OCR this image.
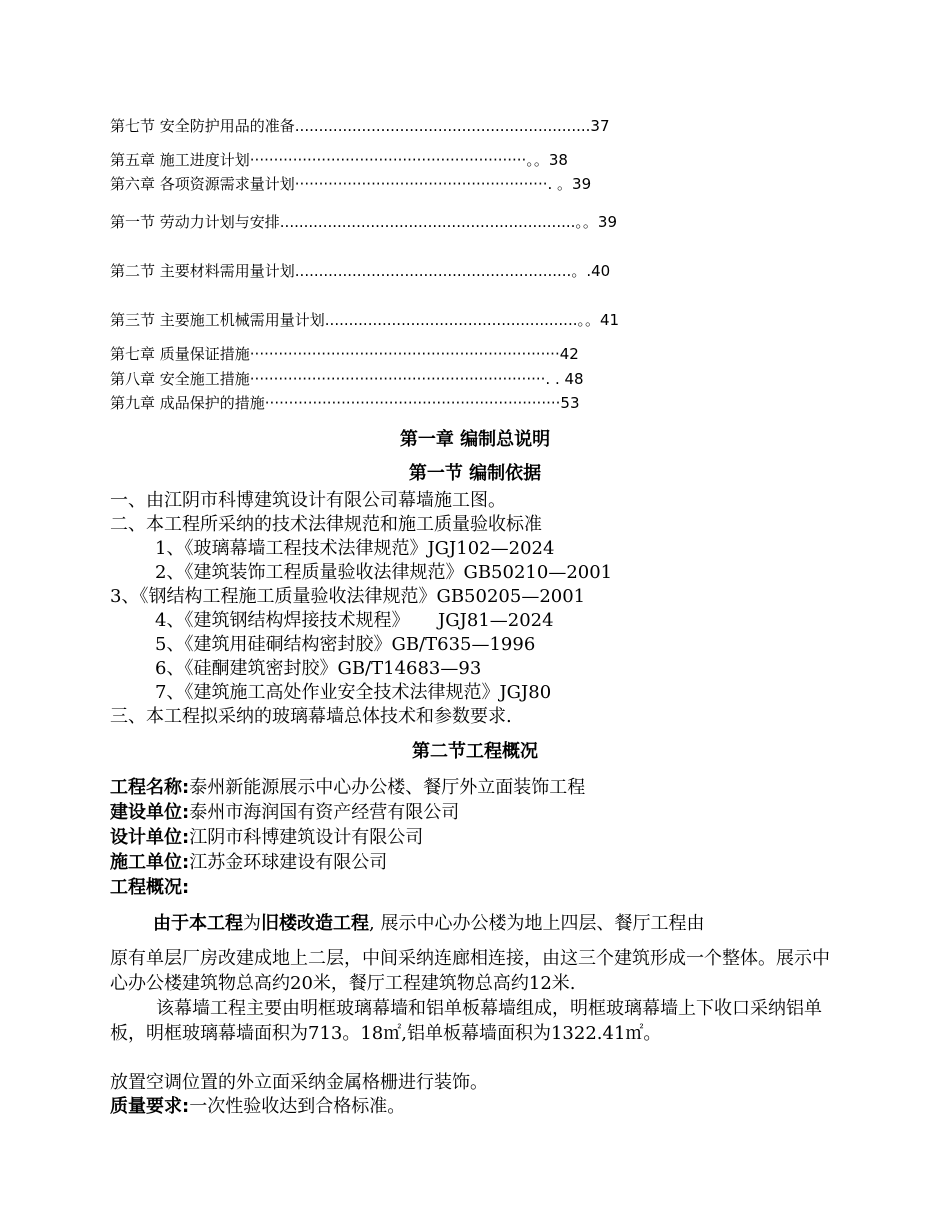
第七节 安全防护用品的准备..............................................................37
第五章 施工进度计划··························································。。38
第六章 各项资源需求量计划·····················································. 。39
第一节 劳动力计划与安排..............................................................。。39
第二节 主要材料需用量计划..........................................................。.40
第三节 主要施工机械需用量计划.....................................................。。41
第七章 质量保证措施·································································42
第八章 安全施工措施······························································. . 48
第九章 成品保护的措施······························································53
第一章 编制总说明
第一节 编制依据
一、由江阴市科博建筑设计有限公司幕墙施工图。
二、本工程所采纳的技术法律规范和施工质量验收标准
1、《玻璃幕墙工程技术法律规范》JGJ102—2024
2、《建筑装饰工程质量验收法律规范》GB50210—2001
3、《钢结构工程施工质量验收法律规范》GB50205—2001
4、《建筑钢结构焊接技术规程》     JGJ81—2024
5、《建筑用硅硐结构密封胶》GB/T635—1996
6、《硅酮建筑密封胶》GB/T14683—93
7、《建筑施工高处作业安全技术法律规范》JGJ80
三、本工程拟采纳的玻璃幕墙总体技术和参数要求.
第二节工程概况
工程名称:泰州新能源展示中心办公楼、餐厅外立面装饰工程
建设单位:泰州市海润国有资产经营有限公司
设计单位:江阴市科博建筑设计有限公司
施工单位:江苏金环球建设有限公司
工程概况:
由于本工程为旧楼改造工程, 展示中心办公楼为地上四层、餐厅工程由
原有单层厂房改建成地上二层，中间采纳连廊相连接，由这三个建筑形成一个整体。展示中心办公楼建筑物总高约20米，餐厅工程建筑物总高约12米.
该幕墙工程主要由明框玻璃幕墙和铝单板幕墙组成，明框玻璃幕墙上下收口采纳铝单板，明框玻璃幕墙面积为713。18㎡,铝单板幕墙面积为1322.41㎡。
放置空调位置的外立面采纳金属格栅进行装饰。
质量要求:一次性验收达到合格标准。
